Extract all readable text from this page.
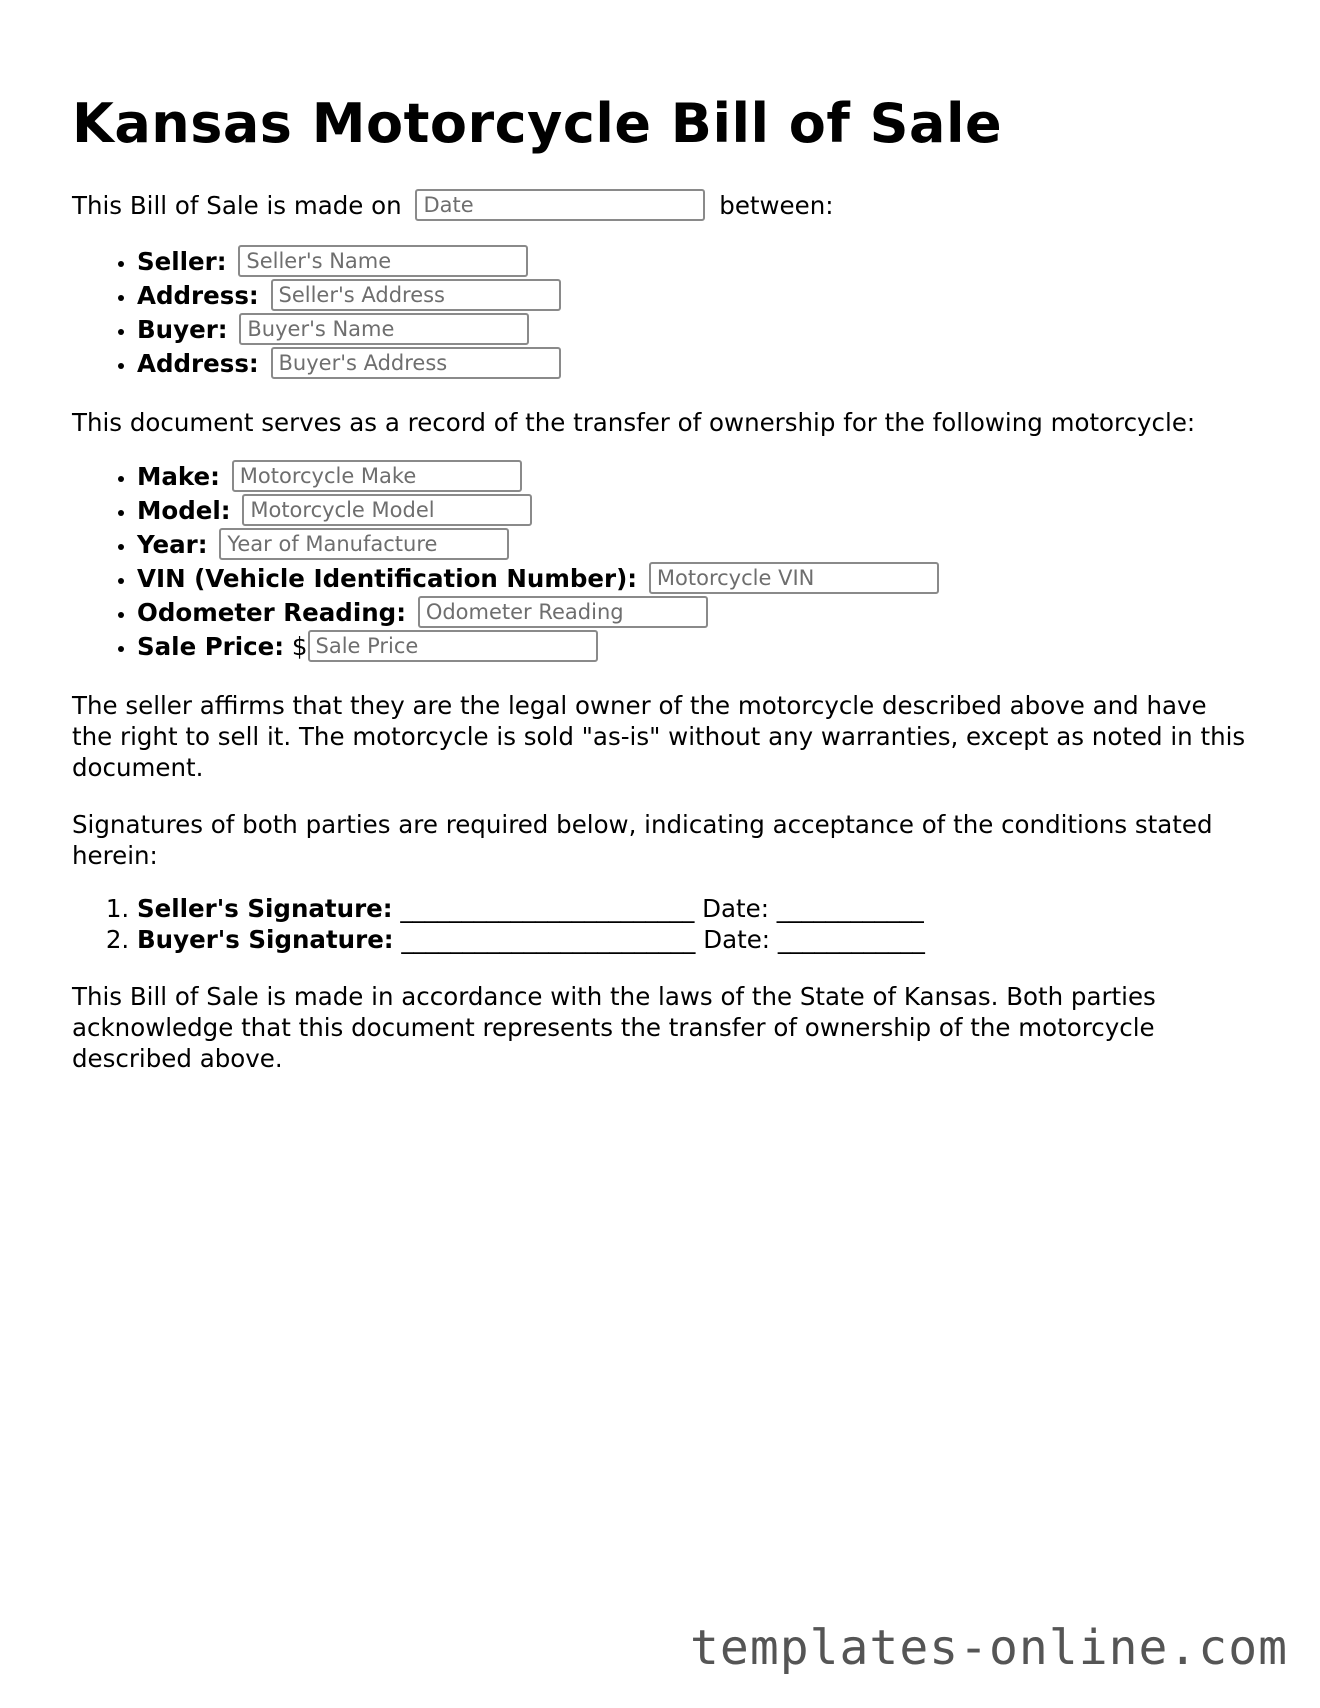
Kansas Motorcycle Bill of Sale

This Bill of Sale is made on Date	between:

• Seller: Seller's Name
• Address: Seller's Address
• Buyer: Buyer's Name
• Address: Buyer's Address

This document serves as a record of the transfer of ownership for the following motorcycle:

• Make: Motorcycle Make
• Model: Motorcycle Model
• Year: Year of Manufacture
• VIN (Vehicle Identification Number): Motorcycle VIN
• Odometer Reading: Odometer Reading
• Sale Price: $Sale Price

The seller affirms that they are the legal owner of the motorcycle described above and have the right to sell it. The motorcycle is sold "as-is" without any warranties, except as noted in this document.

Signatures of both parties are required below, indicating acceptance of the conditions stated herein:

1. Seller's Signature: ________________________ Date: ____________
2. Buyer's Signature: ________________________ Date: ____________

This Bill of Sale is made in accordance with the laws of the State of Kansas. Both parties acknowledge that this document represents the transfer of ownership of the motorcycle described above.

templates-online.com
